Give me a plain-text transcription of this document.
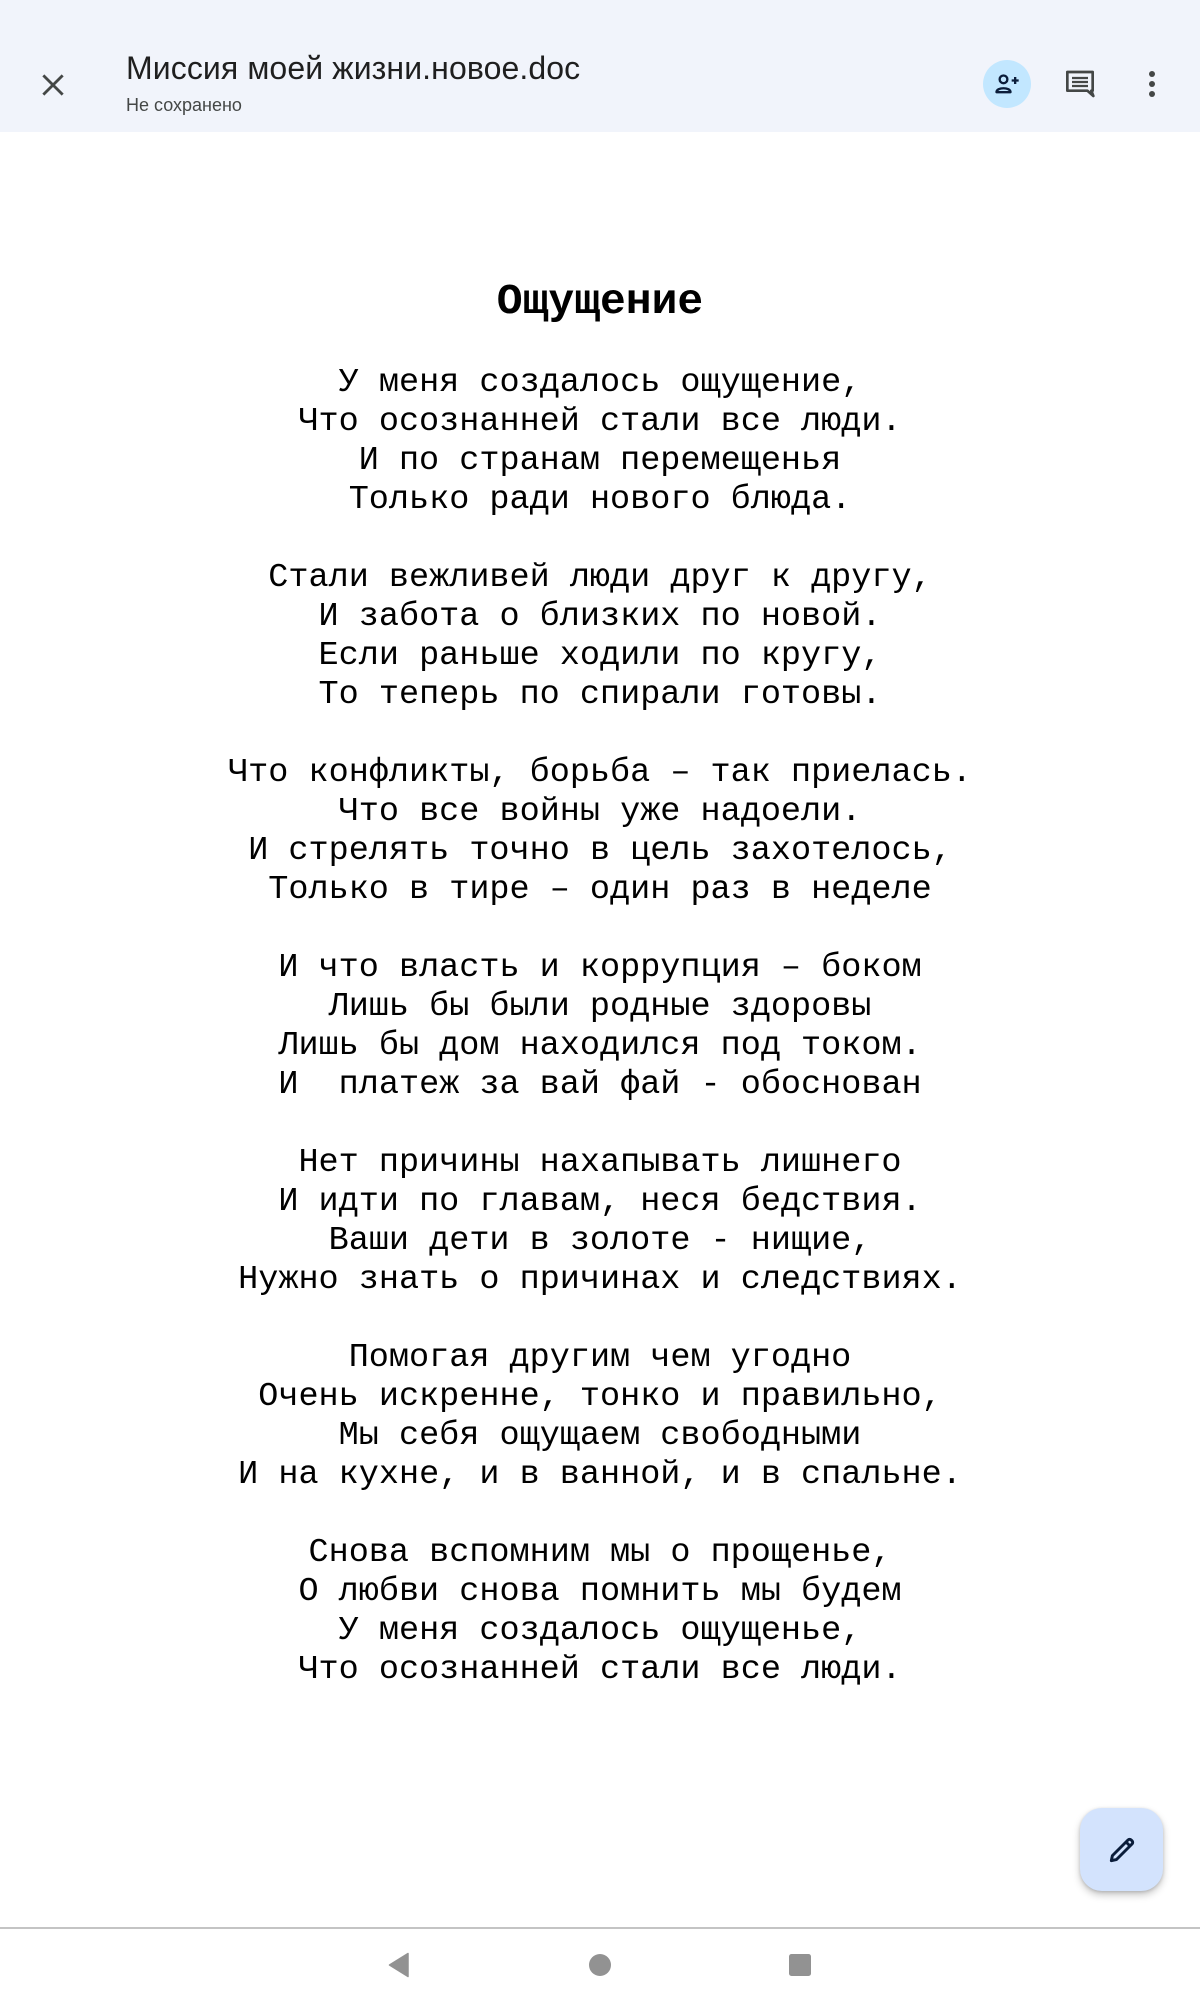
Миссия моей жизни.новое.doc
Не сохранено
Ощущение
У меня создалось ощущение,
Что осознанней стали все люди.
И по странам перемещенья
Только ради нового блюда.
Стали вежливей люди друг к другу,
И забота о близких по новой.
Если раньше ходили по кругу,
То теперь по спирали готовы.
Что конфликты, борьба – так приелась.
Что все войны уже надоели.
И стрелять точно в цель захотелось,
Только в тире – один раз в неделе
И что власть и коррупция – боком
Лишь бы были родные здоровы
Лишь бы дом находился под током.
И  платеж за вай фай - обоснован
Нет причины нахапывать лишнего
И идти по главам, неся бедствия.
Ваши дети в золоте - нищие,
Нужно знать о причинах и следствиях.
Помогая другим чем угодно
Очень искренне, тонко и правильно,
Мы себя ощущаем свободными
И на кухне, и в ванной, и в спальне.
Снова вспомним мы о прощенье,
О любви снова помнить мы будем
У меня создалось ощущенье,
Что осознанней стали все люди.
